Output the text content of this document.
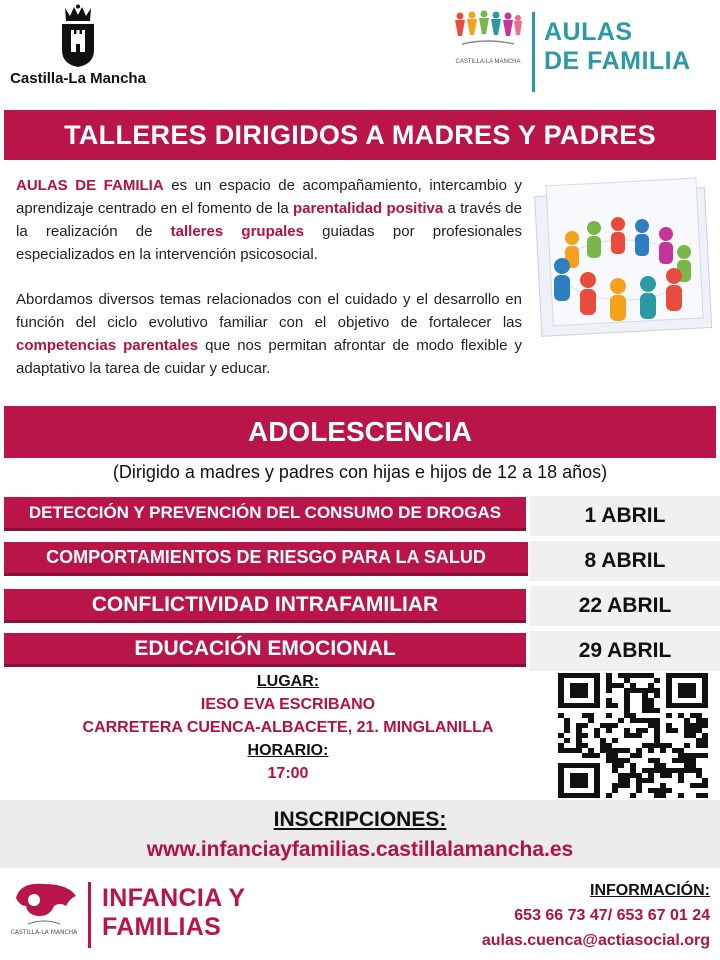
Castilla-La Mancha
CASTILLA-LA MANCHA
AULAS
DE FAMILIA
TALLERES DIRIGIDOS A MADRES Y PADRES

AULAS DE FAMILIA es un espacio de acompañamiento, intercambio y aprendizaje centrado en el fomento de la parentalidad positiva a través de la realización de talleres grupales guiadas por profesionales especializados en la intervención psicosocial.

Abordamos diversos temas relacionados con el cuidado y el desarrollo en función del ciclo evolutivo familiar con el objetivo de fortalecer las competencias parentales que nos permitan afrontar de modo flexible y adaptativo la tarea de cuidar y educar.

ADOLESCENCIA
(Dirigido a madres y padres con hijas e hijos de 12 a 18 años)
DETECCIÓN Y PREVENCIÓN DEL CONSUMO DE DROGAS	1 ABRIL
COMPORTAMIENTOS DE RIESGO PARA LA SALUD	8 ABRIL
CONFLICTIVIDAD INTRAFAMILIAR	22 ABRIL
EDUCACIÓN EMOCIONAL	29 ABRIL
LUGAR:
IESO EVA ESCRIBANO
CARRETERA CUENCA-ALBACETE, 21. MINGLANILLA
HORARIO:
17:00
INSCRIPCIONES:
www.infanciayfamilias.castillalamancha.es
CASTILLA-LA MANCHA
INFANCIA Y
FAMILIAS
INFORMACIÓN:
653 66 73 47/ 653 67 01 24
aulas.cuenca@actiasocial.org
